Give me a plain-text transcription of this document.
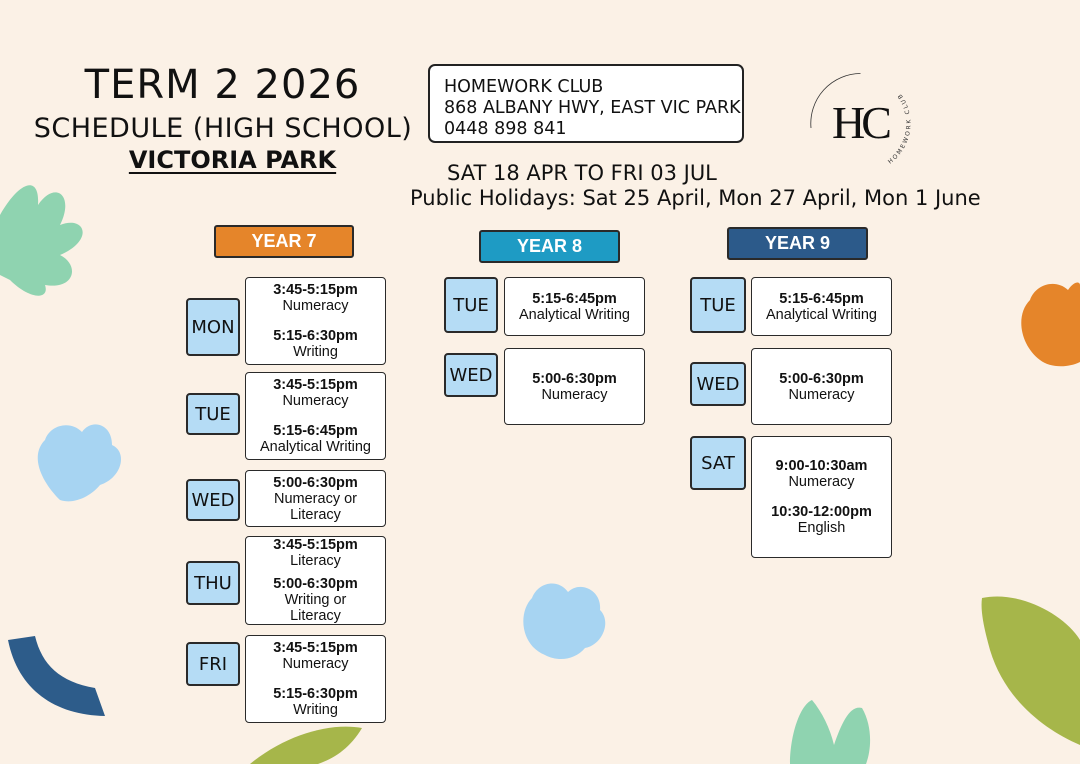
TERM 2 2026
SCHEDULE (HIGH SCHOOL)
VICTORIA PARK
HOMEWORK CLUB
868 ALBANY HWY, EAST VIC PARK
0448 898 841
SAT 18 APR TO FRI 03 JUL
Public Holidays: Sat 25 April, Mon 27 April, Mon 1 June
HC
HOMEWORK CLUB
YEAR 7
MON
3:45-5:15pm
Numeracy
5:15-6:30pm
Writing
TUE
3:45-5:15pm
Numeracy
5:15-6:45pm
Analytical Writing
WED
5:00-6:30pm
Numeracy or Literacy
THU
3:45-5:15pm
Literacy
5:00-6:30pm
Writing or Literacy
FRI
3:45-5:15pm
Numeracy
5:15-6:30pm
Writing
YEAR 8
TUE	5:15-6:45pm
Analytical Writing
WED	5:00-6:30pm
Numeracy
YEAR 9
TUE	5:15-6:45pm
Analytical Writing
WED	5:00-6:30pm
Numeracy
SAT	9:00-10:30am
Numeracy
10:30-12:00pm
English
